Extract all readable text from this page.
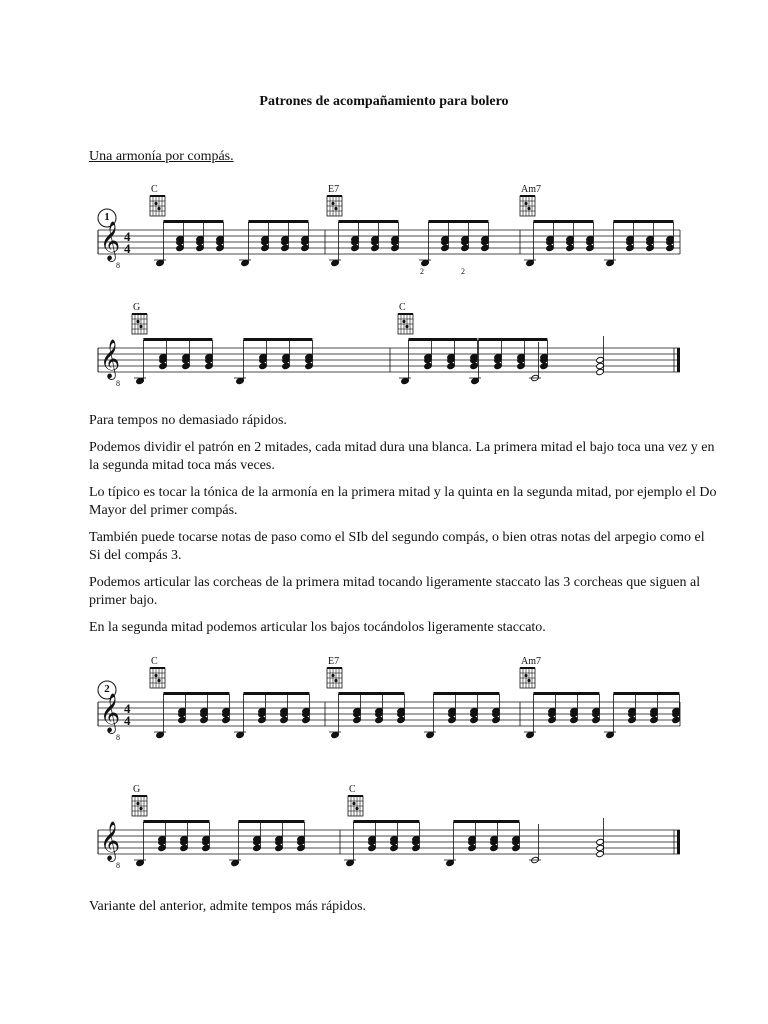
Patrones de acompañamiento para bolero
Una armonía por compás.
𝄞
8
4
4
1
C	E7	Am7
2	2
𝄞
8
G	C

Para tempos no demasiado rápidos.

Podemos dividir el patrón en 2 mitades, cada mitad dura una blanca. La primera mitad el bajo toca una vez y en la segunda mitad toca más veces.

Lo típico es tocar la tónica de la armonía en la primera mitad y la quinta en la segunda mitad, por ejemplo el Do Mayor del primer compás.

También puede tocarse notas de paso como el SIb del segundo compás, o bien otras notas del arpegio como el Si del compás 3.

Podemos articular las corcheas de la primera mitad tocando ligeramente staccato las 3 corcheas que siguen al primer bajo.

En la segunda mitad podemos articular los bajos tocándolos ligeramente staccato.

𝄞
8
4
4
2
C	E7	Am7
𝄞
8
G	C

Variante del anterior, admite tempos más rápidos.
